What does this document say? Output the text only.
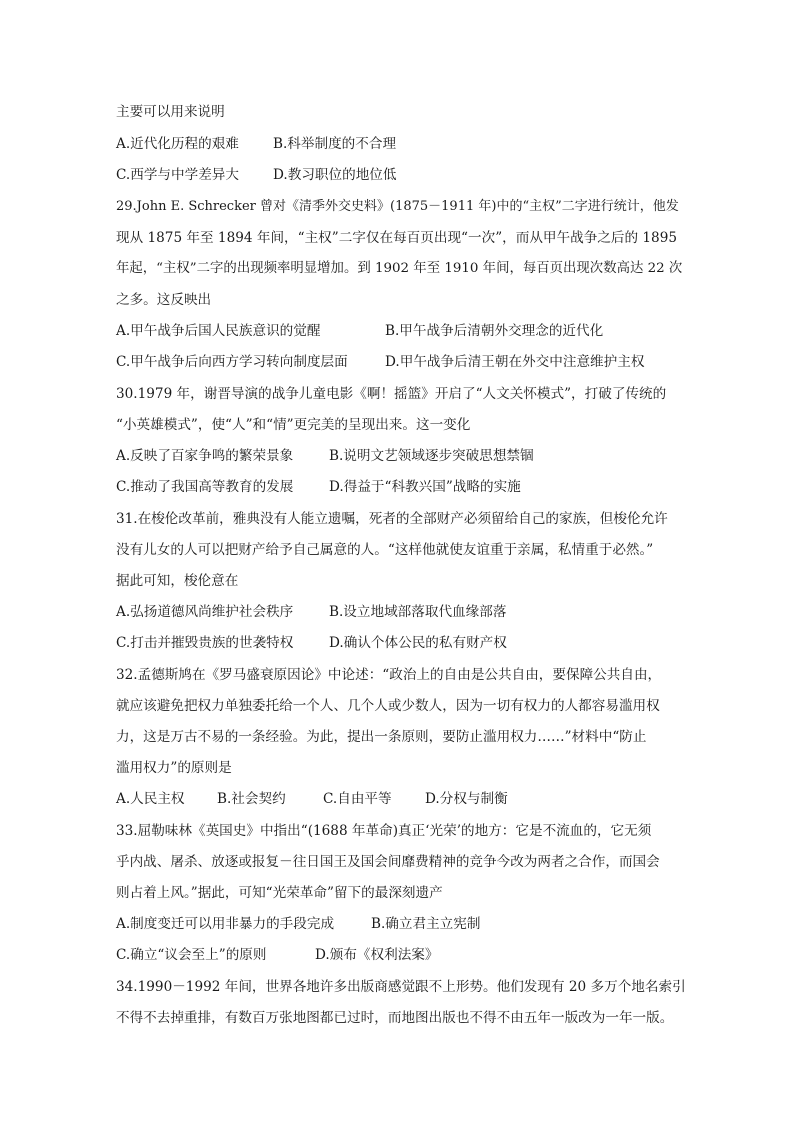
主要可以用来说明
A.近代化历程的艰难	B.科举制度的不合理
C.西学与中学差异大	D.教习职位的地位低
29.John E. Schrecker 曾对《清季外交史料》(1875－1911 年)中的“主权”二字进行统计，他发
现从 1875 年至 1894 年间，“主权”二字仅在每百页出现“一次”，而从甲午战争之后的 1895
年起，“主权”二字的出现频率明显增加。到 1902 年至 1910 年间，每百页出现次数高达 22 次
之多。这反映出
A.甲午战争后国人民族意识的觉醒	B.甲午战争后清朝外交理念的近代化
C.甲午战争后向西方学习转向制度层面	D.甲午战争后清王朝在外交中注意维护主权
30.1979 年，谢晋导演的战争儿童电影《啊！摇篮》开启了“人文关怀模式”，打破了传统的
“小英雄模式”，使“人”和“情”更完美的呈现出来。这一变化
A.反映了百家争鸣的繁荣景象	B.说明文艺领域逐步突破思想禁锢
C.推动了我国高等教育的发展	D.得益于“科教兴国”战略的实施
31.在梭伦改革前，雅典没有人能立遗嘱，死者的全部财产必须留给自己的家族，但梭伦允许
没有儿女的人可以把财产给予自己属意的人。“这样他就使友谊重于亲属，私情重于必然。”
据此可知，梭伦意在
A.弘扬道德风尚维护社会秩序	B.设立地域部落取代血缘部落
C.打击并摧毁贵族的世袭特权	D.确认个体公民的私有财产权
32.孟德斯鸠在《罗马盛衰原因论》中论述：“政治上的自由是公共自由，要保障公共自由，
就应该避免把权力单独委托给一个人、几个人或少数人，因为一切有权力的人都容易滥用权
力，这是万古不易的一条经验。为此，提出一条原则，要防止滥用权力……”材料中“防止
滥用权力”的原则是
A.人民主权 B.社会契约	C.自由平等 D.分权与制衡
33.屈勒味林《英国史》中指出“(1688 年革命)真正‘光荣’的地方：它是不流血的，它无须
乎内战、屠杀、放逐或报复－往日国王及国会间靡费精神的竞争今改为两者之合作，而国会
则占着上风。”据此，可知“光荣革命”留下的最深刻遗产
A.制度变迁可以用非暴力的手段完成	B.确立君主立宪制
C.确立“议会至上”的原则	D.颁布《权利法案》
34.1990－1992 年间，世界各地许多出版商感觉跟不上形势。他们发现有 20 多万个地名索引
不得不去掉重排，有数百万张地图都已过时，而地图出版也不得不由五年一版改为一年一版。
